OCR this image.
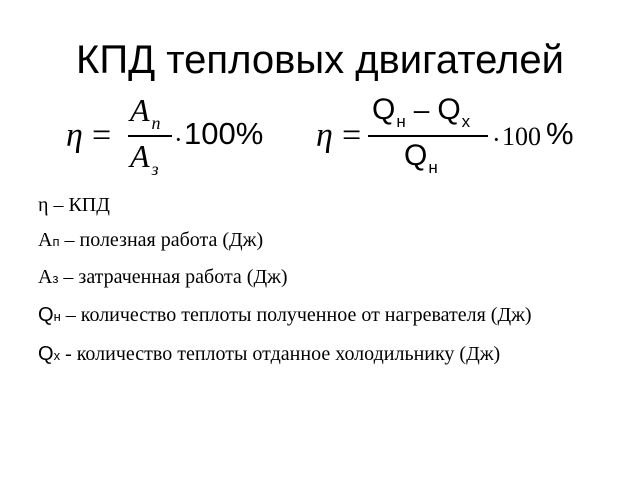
КПД тепловых двигателей
η =
Aп
Aз
· 100% η =
Qн – Qх
Qн
· 100 %
η – КПД
Aп – полезная работа (Дж)
Aз – затраченная работа (Дж)
Qн – количество теплоты полученное от нагревателя (Дж)
Qх - количество теплоты отданное холодильнику (Дж)
